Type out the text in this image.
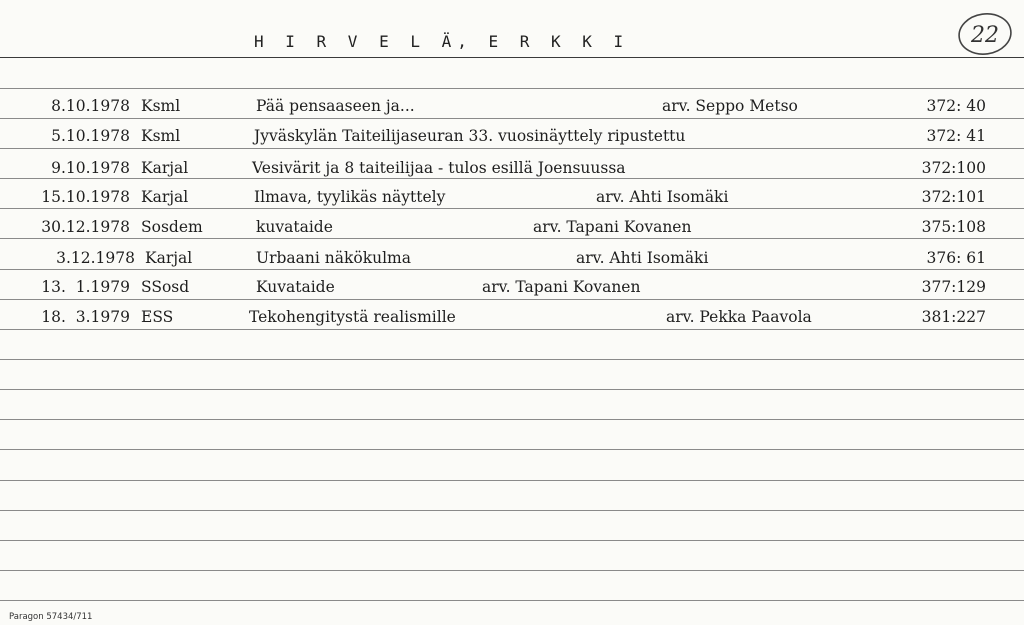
H I R V E L Ä, E R K K I	22
8.10.1978 Ksml	Pää pensaaseen ja...	arv. Seppo Metso	372: 40
5.10.1978 Ksml	Jyväskylän Taiteilijaseuran 33. vuosinäyttely ripustettu	372: 41
9.10.1978 Karjal	Vesivärit ja 8 taiteilijaa - tulos esillä Joensuussa	372:100
15.10.1978 Karjal	Ilmava, tyylikäs näyttely	arv. Ahti Isomäki	372:101
30.12.1978 Sosdem	kuvataide	arv. Tapani Kovanen	375:108
3.12.1978 Karjal	Urbaani näkökulma	arv. Ahti Isomäki	376: 61
13.  1.1979 SSosd	Kuvataide	arv. Tapani Kovanen	377:129
18.  3.1979 ESS	Tekohengitystä realismille	arv. Pekka Paavola	381:227
Paragon 57434/711
